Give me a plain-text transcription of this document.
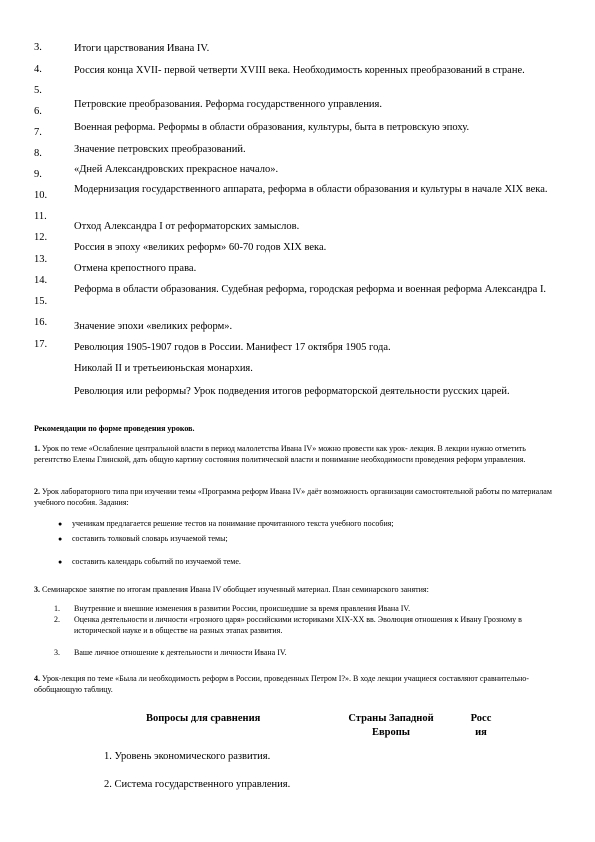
3.
4.
5.
6.
7.
8.
9.
10.
11.
12.
13.
14.
15.
16.
17.
Итоги царствования Ивана IV.
Россия конца XVII- первой четверти XVIII века. Необходимость коренных преобразований в стране.
Петровские преобразования. Реформа государственного управления.
Военная реформа. Реформы в области образования, культуры, быта в петровскую эпоху.
Значение петровских преобразований.
«Дней Александровских прекрасное начало».
Модернизация государственного аппарата, реформа в области образования и культуры в начале XIX века.
Отход Александра I от реформаторских замыслов.
Россия в эпоху «великих реформ» 60-70 годов XIX века.
Отмена крепостного права.
Реформа в области образования. Судебная реформа, городская реформа и военная реформа Александра I.
Значение эпохи «великих реформ».
Революция 1905-1907 годов в России. Манифест 17 октября 1905 года.
Николай II и третьеиюньская монархия.
Революция или реформы? Урок подведения итогов реформаторской деятельности русских царей.
Рекомендации по форме проведения уроков.
1. Урок по теме «Ослабление центральной власти в период малолетства Ивана IV» можно провести как урок- лекция. В лекции нужно отметить регентство Елены Глинской, дать общую картину состояния политической власти и понимание необходимости проведения реформ управления.
2. Урок лабораторного типа при изучении темы «Программа реформ Ивана IV» даёт возможность организации самостоятельной работы по материалам учебного пособия. Задания:
● ученикам предлагается решение тестов на понимание прочитанного текста учебного пособия;
● составить толковый словарь изучаемой темы;
● составить календарь событий по изучаемой теме.
3. Семинарское занятие по итогам правления Ивана IV обобщает изученный материал. План семинарского занятия:
1. Внутренние и внешние изменения в развитии России, происшедшие за время правления Ивана IV.
2. Оценка деятельности и личности «грозного царя» российскими историками XIX-XX вв. Эволюция отношения к Ивану Грозному в исторической науке и в обществе на разных этапах развития.
3. Ваше личное отношение к деятельности и личности Ивана IV.
4. Урок-лекция по теме «Была ли необходимость реформ в России, проведенных Петром I?». В ходе лекции учащиеся составляют сравнительно- обобщающую таблицу.
Вопросы для сравнения	Страны Западной
Европы
Росс
ия
1. Уровень экономического развития.
2. Система государственного управления.
